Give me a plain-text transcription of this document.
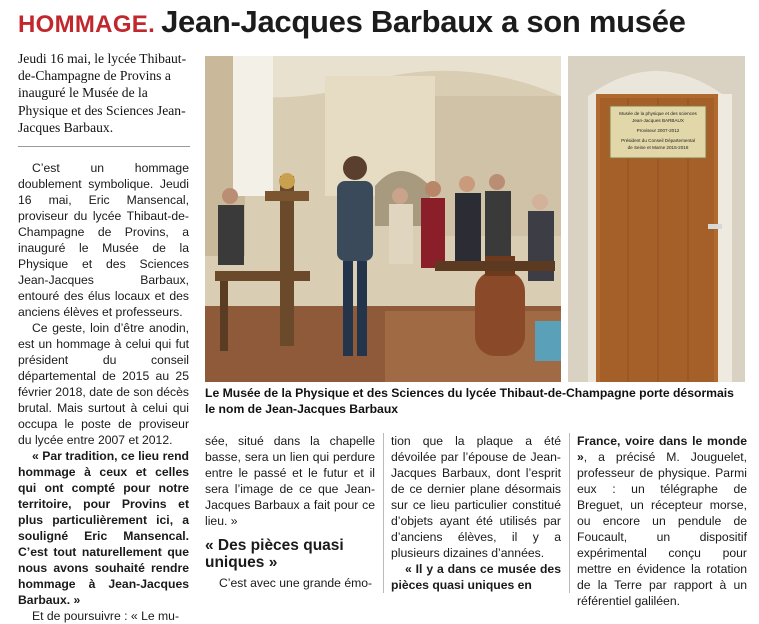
HOMMAGE. Jean-Jacques Barbaux a son musée
Jeudi 16 mai, le lycée Thibaut-de-Champagne de Provins a inauguré le Musée de la Physique et des Sciences Jean-Jacques Barbaux.

C’est un hommage doublement symbolique. Jeudi 16 mai, Eric Mansencal, proviseur du lycée Thibaut-de-Champagne de Provins, a inauguré le Musée de la Physique et des Sciences Jean-Jacques Barbaux, entouré des élus locaux et des anciens élèves et professeurs.

Ce geste, loin d’être anodin, est un hommage à celui qui fut président du conseil départemental de 2015 au 25 février 2018, date de son décès brutal. Mais surtout à celui qui occupa le poste de proviseur du lycée entre 2007 et 2012.

« Par tradition, ce lieu rend hommage à ceux et celles qui ont compté pour notre territoire, pour Provins et plus particulièrement ici, a souligné Eric Mansencal. C’est tout naturellement que nous avons souhaité rendre hommage à Jean-Jacques Barbaux. »

Et de poursuivre : « Le mu-

Musée de la physique et des sciences
Jean-Jacques BARBAUX
Proviseur 2007-2012
Président du Conseil Départemental
de Seine et Marne 2015-2018
Le Musée de la Physique et des Sciences du lycée Thibaut-de-Champagne porte désormais le nom de Jean-Jacques Barbaux

sée, situé dans la chapelle basse, sera un lien qui perdure entre le passé et le futur et il sera l’image de ce que Jean-Jacques Barbaux a fait pour ce lieu. »

« Des pièces quasi uniques »

C’est avec une grande émo-

tion que la plaque a été dévoilée par l’épouse de Jean-Jacques Barbaux, dont l’esprit de ce dernier plane désormais sur ce lieu particulier constitué d’objets ayant été utilisés par d’anciens élèves, il y a plusieurs dizaines d’années.

« Il y a dans ce musée des pièces quasi uniques en

France, voire dans le monde », a précisé M. Jouguelet, professeur de physique. Parmi eux : un télégraphe de Breguet, un récepteur morse, ou encore un pendule de Foucault, un dispositif expérimental conçu pour mettre en évidence la rotation de la Terre par rapport à un référentiel galiléen.
